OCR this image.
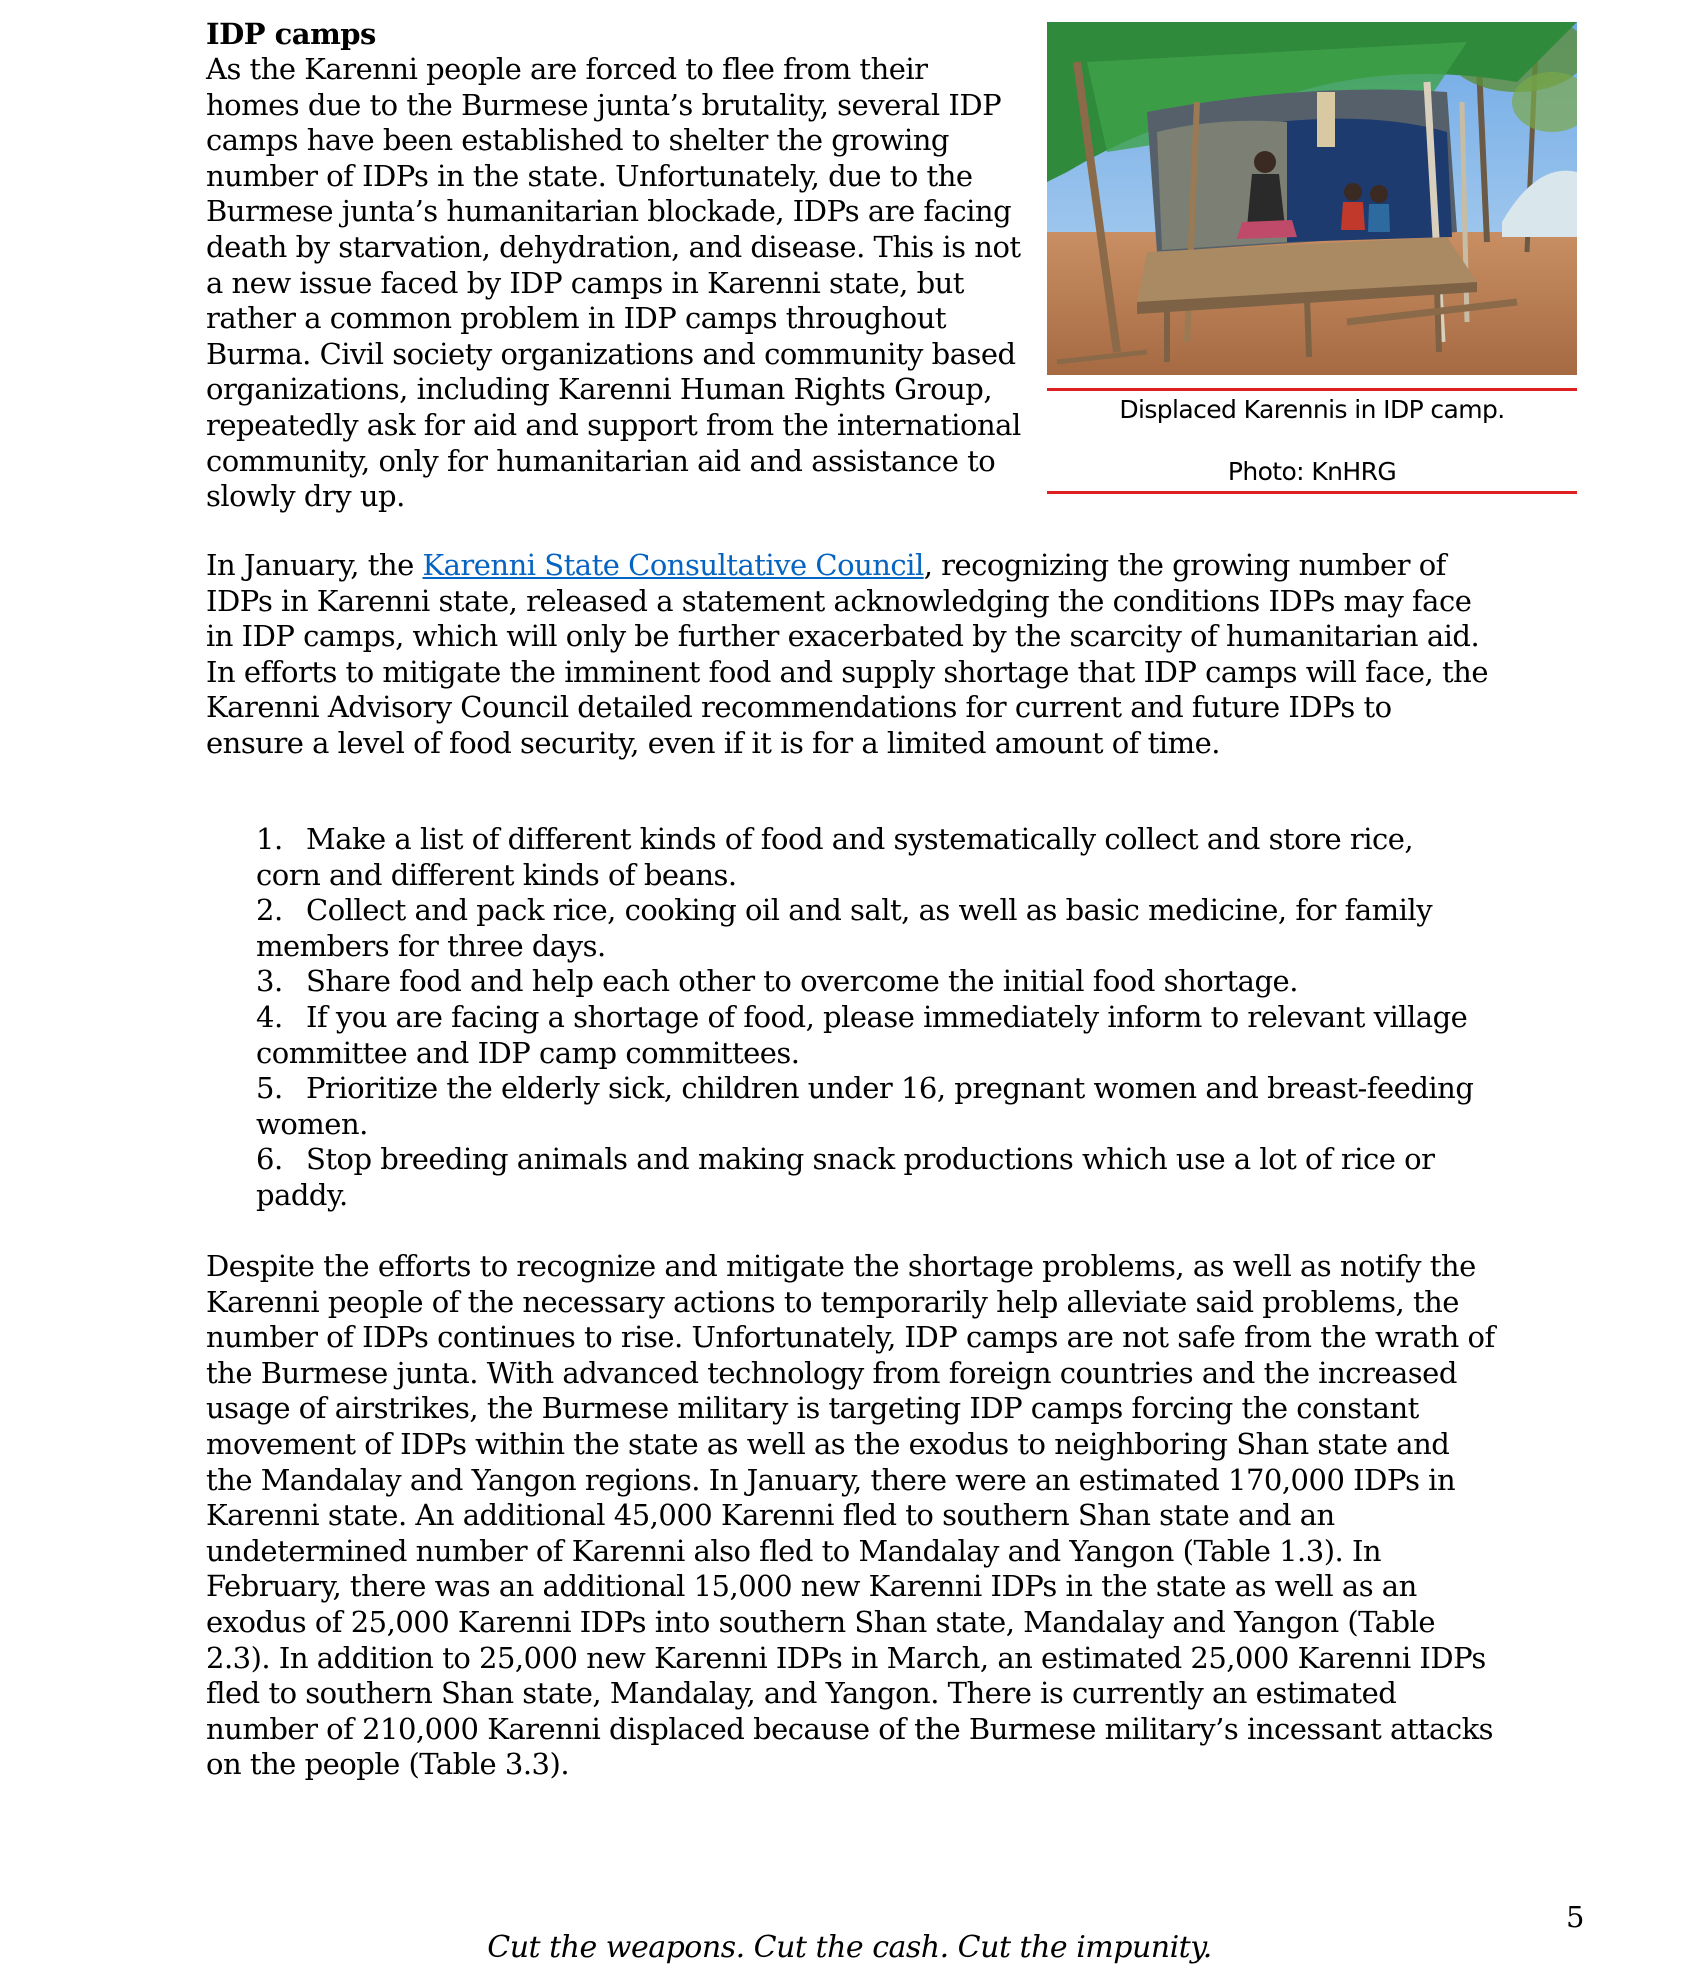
IDP camps

As the Karenni people are forced to flee from their homes due to the Burmese junta’s brutality, several IDP camps have been established to shelter the growing number of IDPs in the state. Unfortunately, due to the Burmese junta’s humanitarian blockade, IDPs are facing death by starvation, dehydration, and disease. This is not a new issue faced by IDP camps in Karenni state, but rather a common problem in IDP camps throughout Burma. Civil society organizations and community based organizations, including Karenni Human Rights Group, repeatedly ask for aid and support from the international community, only for humanitarian aid and assistance to slowly dry up.

Displaced Karennis in IDP camp.
Photo: KnHRG

In January, the Karenni State Consultative Council, recognizing the growing number of IDPs in Karenni state, released a statement acknowledging the conditions IDPs may face in IDP camps, which will only be further exacerbated by the scarcity of humanitarian aid. In efforts to mitigate the imminent food and supply shortage that IDP camps will face, the Karenni Advisory Council detailed recommendations for current and future IDPs to ensure a level of food security, even if it is for a limited amount of time.

1. Make a list of different kinds of food and systematically collect and store rice, corn and different kinds of beans.
2. Collect and pack rice, cooking oil and salt, as well as basic medicine, for family members for three days.
3. Share food and help each other to overcome the initial food shortage.
4. If you are facing a shortage of food, please immediately inform to relevant village committee and IDP camp committees.
5. Prioritize the elderly sick, children under 16, pregnant women and breast-feeding women.
6. Stop breeding animals and making snack productions which use a lot of rice or paddy.

Despite the efforts to recognize and mitigate the shortage problems, as well as notify the Karenni people of the necessary actions to temporarily help alleviate said problems, the number of IDPs continues to rise. Unfortunately, IDP camps are not safe from the wrath of the Burmese junta. With advanced technology from foreign countries and the increased usage of airstrikes, the Burmese military is targeting IDP camps forcing the constant movement of IDPs within the state as well as the exodus to neighboring Shan state and the Mandalay and Yangon regions. In January, there were an estimated 170,000 IDPs in Karenni state. An additional 45,000 Karenni fled to southern Shan state and an undetermined number of Karenni also fled to Mandalay and Yangon (Table 1.3). In February, there was an additional 15,000 new Karenni IDPs in the state as well as an exodus of 25,000 Karenni IDPs into southern Shan state, Mandalay and Yangon (Table 2.3). In addition to 25,000 new Karenni IDPs in March, an estimated 25,000 Karenni IDPs fled to southern Shan state, Mandalay, and Yangon. There is currently an estimated number of 210,000 Karenni displaced because of the Burmese military’s incessant attacks on the people (Table 3.3).

5
Cut the weapons. Cut the cash. Cut the impunity.
